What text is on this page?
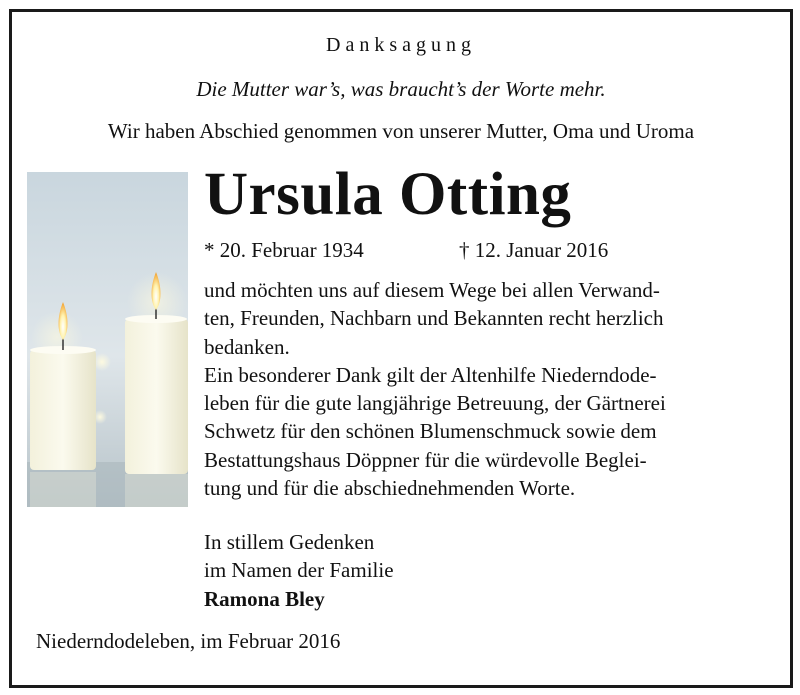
Danksagung
Die Mutter war’s, was braucht’s der Worte mehr.
Wir haben Abschied genommen von unserer Mutter, Oma und Uroma
Ursula Otting
* 20. Februar 1934	† 12. Januar 2016
und möchten uns auf diesem Wege bei allen Verwand-
ten, Freunden, Nachbarn und Bekannten recht herzlich
bedanken.
Ein besonderer Dank gilt der Altenhilfe Niederndode-
leben für die gute langjährige Betreuung, der Gärtnerei
Schwetz für den schönen Blumenschmuck sowie dem
Bestattungshaus Döppner für die würdevolle Beglei-
tung und für die abschiednehmenden Worte.
In stillem Gedenken
im Namen der Familie
Ramona Bley
Niederndodeleben, im Februar 2016
